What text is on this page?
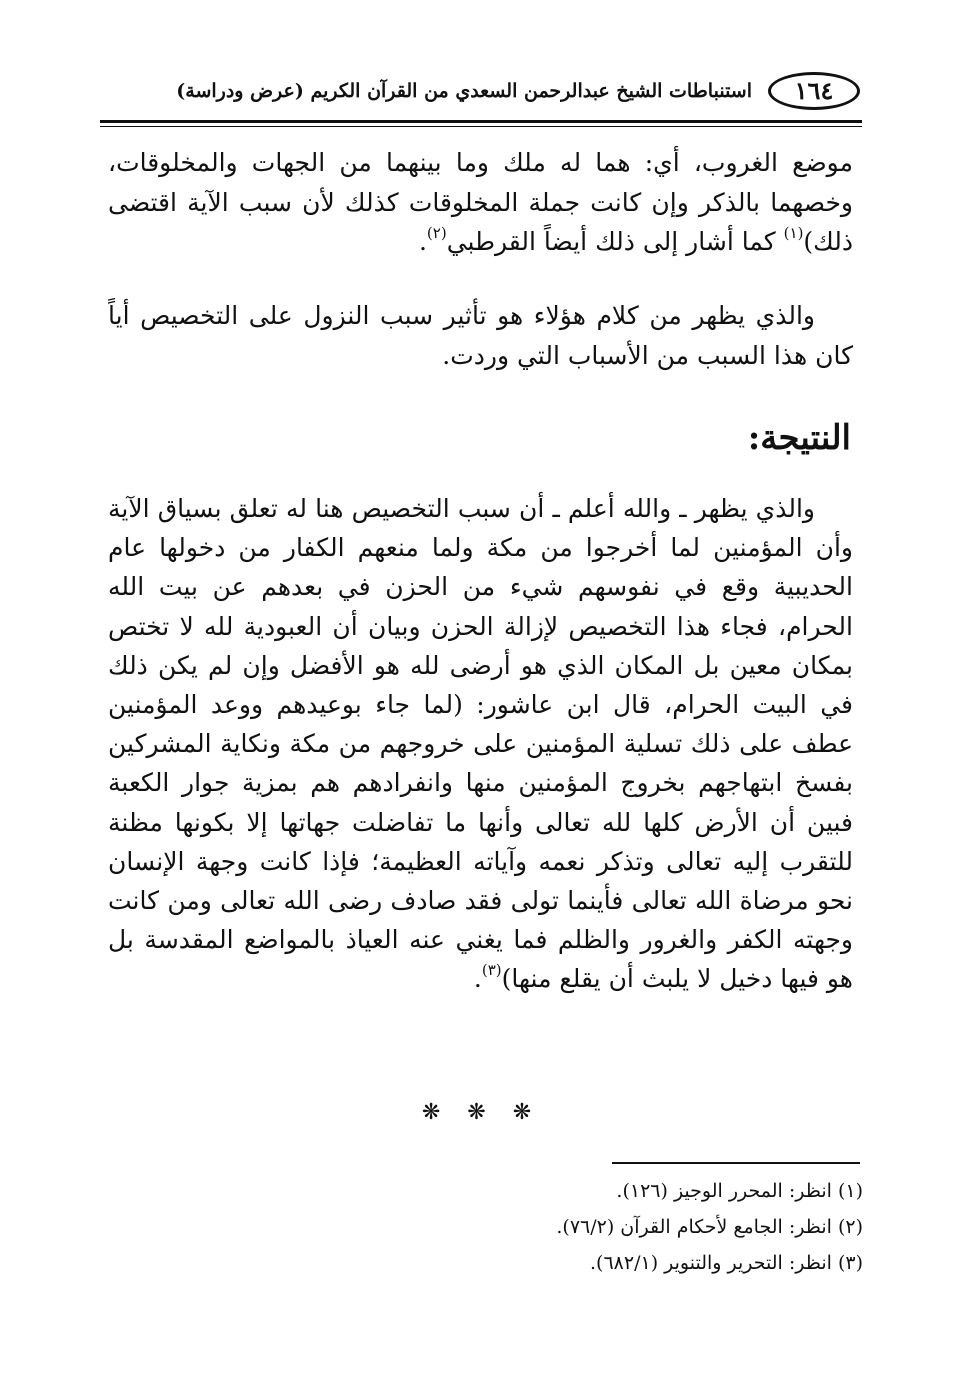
١٦٤
استنباطات الشيخ عبدالرحمن السعدي من القرآن الكريم (عرض ودراسة)
موضع الغروب، أي: هما له ملك وما بينهما من الجهات والمخلوقات، وخصهما بالذكر وإن كانت جملة المخلوقات كذلك لأن سبب الآية اقتضى ذلك)$^{(١)}$ كما أشار إلى ذلك أيضاً القرطبي$^{(٢)}$.
والذي يظهر من كلام هؤلاء هو تأثير سبب النزول على التخصيص أياً كان هذا السبب من الأسباب التي وردت.
النتيجة:
والذي يظهر ـ والله أعلم ـ أن سبب التخصيص هنا له تعلق بسياق الآية وأن المؤمنين لما أخرجوا من مكة ولما منعهم الكفار من دخولها عام الحديبية وقع في نفوسهم شيء من الحزن في بعدهم عن بيت الله الحرام، فجاء هذا التخصيص لإزالة الحزن وبيان أن العبودية لله لا تختص بمكان معين بل المكان الذي هو أرضى لله هو الأفضل وإن لم يكن ذلك في البيت الحرام، قال ابن عاشور: (لما جاء بوعيدهم ووعد المؤمنين عطف على ذلك تسلية المؤمنين على خروجهم من مكة ونكاية المشركين بفسخ ابتهاجهم بخروج المؤمنين منها وانفرادهم هم بمزية جوار الكعبة فبين أن الأرض كلها لله تعالى وأنها ما تفاضلت جهاتها إلا بكونها مظنة للتقرب إليه تعالى وتذكر نعمه وآياته العظيمة؛ فإذا كانت وجهة الإنسان نحو مرضاة الله تعالى فأينما تولى فقد صادف رضى الله تعالى ومن كانت وجهته الكفر والغرور والظلم فما يغني عنه العياذ بالمواضع المقدسة بل هو فيها دخيل لا يلبث أن يقلع منها)$^{(٣)}$.
❋ ❋ ❋
(١) انظر: المحرر الوجيز (١٢٦).
(٢) انظر: الجامع لأحكام القرآن (٧٦/٢).
(٣) انظر: التحرير والتنوير (٦٨٢/١).
